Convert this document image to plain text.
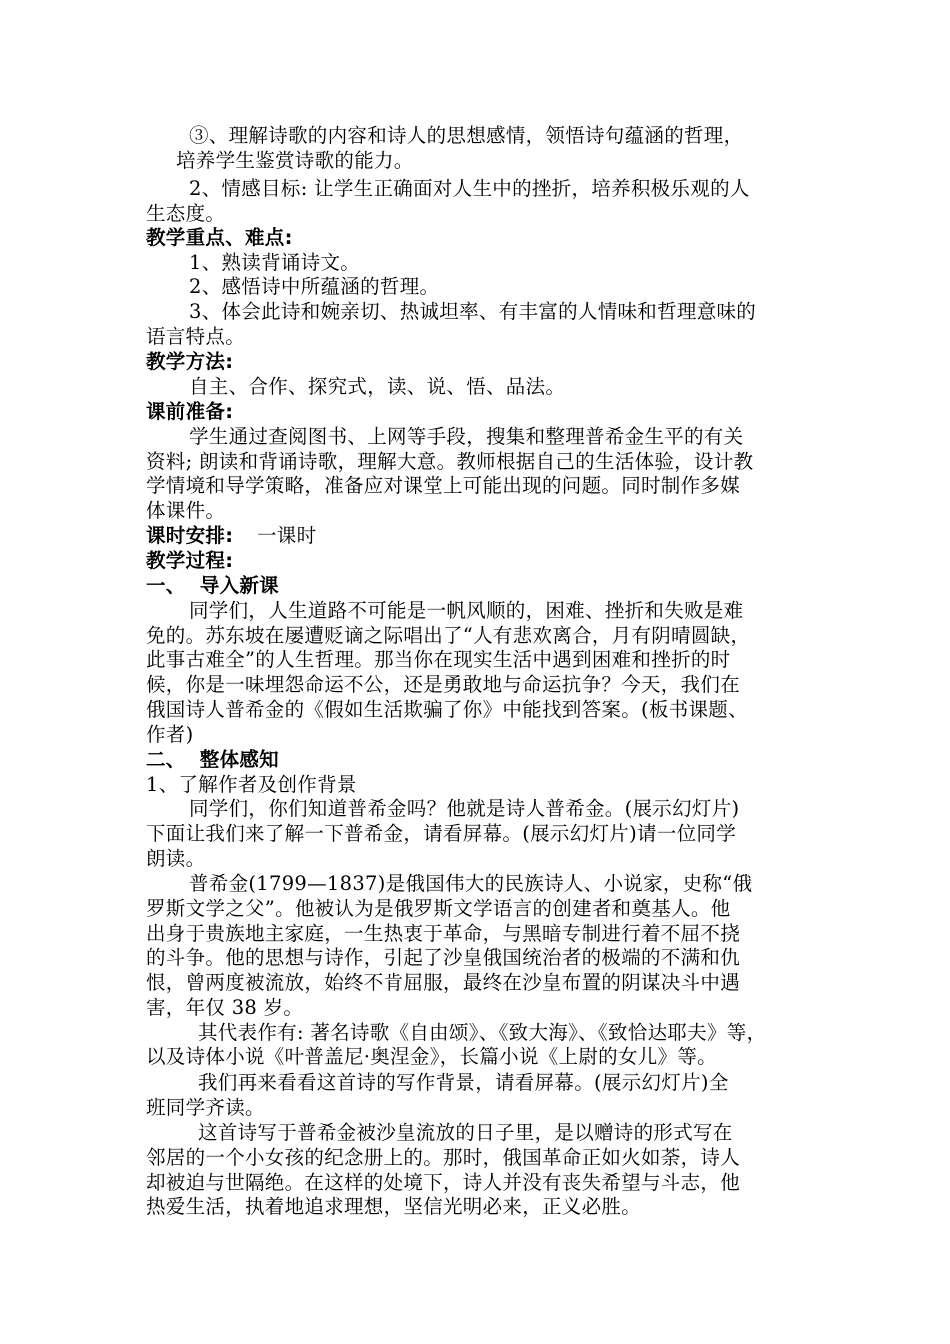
③、理解诗歌的内容和诗人的思想感情，领悟诗句蕴涵的哲理，
培养学生鉴赏诗歌的能力。
2、情感目标: 让学生正确面对人生中的挫折，培养积极乐观的人
生态度。
教学重点、难点:
1、熟读背诵诗文。
2、感悟诗中所蕴涵的哲理。
3、体会此诗和婉亲切、热诚坦率、有丰富的人情味和哲理意味的
语言特点。
教学方法:
自主、合作、探究式，读、说、悟、品法。
课前准备:
学生通过查阅图书、上网等手段，搜集和整理普希金生平的有关
资料; 朗读和背诵诗歌，理解大意。教师根据自己的生活体验，设计教
学情境和导学策略，准备应对课堂上可能出现的问题。同时制作多媒
体课件。
课时安排: 一课时
教学过程:
一、  导入新课
同学们，人生道路不可能是一帆风顺的，困难、挫折和失败是难
免的。苏东坡在屡遭贬谪之际唱出了“人有悲欢离合，月有阴晴圆缺，
此事古难全”的人生哲理。那当你在现实生活中遇到困难和挫折的时
候，你是一味埋怨命运不公，还是勇敢地与命运抗争？今天，我们在
俄国诗人普希金的《假如生活欺骗了你》中能找到答案。(板书课题、
作者)
二、  整体感知
1、了解作者及创作背景
同学们，你们知道普希金吗？他就是诗人普希金。(展示幻灯片)
下面让我们来了解一下普希金，请看屏幕。(展示幻灯片)请一位同学
朗读。
普希金(1799—1837)是俄国伟大的民族诗人、小说家，史称“俄
罗斯文学之父”。他被认为是俄罗斯文学语言的创建者和奠基人。他
出身于贵族地主家庭，一生热衷于革命，与黑暗专制进行着不屈不挠
的斗争。他的思想与诗作，引起了沙皇俄国统治者的极端的不满和仇
恨，曾两度被流放，始终不肯屈服，最终在沙皇布置的阴谋决斗中遇
害，年仅 38 岁。
其代表作有: 著名诗歌《自由颂》、《致大海》、《致恰达耶夫》等，
以及诗体小说《叶普盖尼·奥涅金》，长篇小说《上尉的女儿》等。
我们再来看看这首诗的写作背景，请看屏幕。(展示幻灯片)全
班同学齐读。
这首诗写于普希金被沙皇流放的日子里，是以赠诗的形式写在
邻居的一个小女孩的纪念册上的。那时，俄国革命正如火如荼，诗人
却被迫与世隔绝。在这样的处境下，诗人并没有丧失希望与斗志，他
热爱生活，执着地追求理想，坚信光明必来，正义必胜。
